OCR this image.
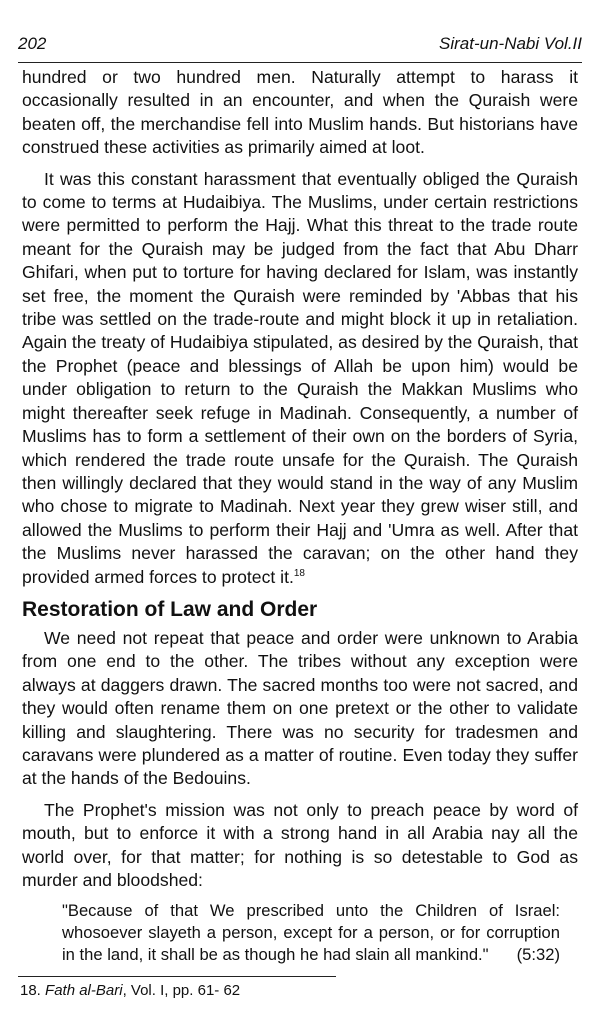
202	Sirat-un-Nabi Vol.II

hundred or two hundred men. Naturally attempt to harass it occasionally resulted in an encounter, and when the Quraish were beaten off, the merchandise fell into Muslim hands. But historians have construed these activities as primarily aimed at loot.

It was this constant harassment that eventually obliged the Quraish to come to terms at Hudaibiya. The Muslims, under certain restrictions were permitted to perform the Hajj. What this threat to the trade route meant for the Quraish may be judged from the fact that Abu Dharr Ghifari, when put to torture for having declared for Islam, was instantly set free, the moment the Quraish were reminded by 'Abbas that his tribe was settled on the trade-route and might block it up in retaliation. Again the treaty of Hudaibiya stipulated, as desired by the Quraish, that the Prophet (peace and blessings of Allah be upon him) would be under obligation to return to the Quraish the Makkan Muslims who might thereafter seek refuge in Madinah. Consequently, a number of Muslims has to form a settlement of their own on the borders of Syria, which rendered the trade route unsafe for the Quraish. The Quraish then willingly declared that they would stand in the way of any Muslim who chose to migrate to Madinah. Next year they grew wiser still, and allowed the Muslims to perform their Hajj and 'Umra as well. After that the Muslims never harassed the caravan; on the other hand they provided armed forces to protect it.$^{18}$

Restoration of Law and Order

We need not repeat that peace and order were unknown to Arabia from one end to the other. The tribes without any exception were always at daggers drawn. The sacred months too were not sacred, and they would often rename them on one pretext or the other to validate killing and slaughtering. There was no security for tradesmen and caravans were plundered as a matter of routine. Even today they suffer at the hands of the Bedouins.

The Prophet's mission was not only to preach peace by word of mouth, but to enforce it with a strong hand in all Arabia nay all the world over, for that matter; for nothing is so detestable to God as murder and bloodshed:

"Because of that We prescribed unto the Children of Israel: whosoever slayeth a person, except for a person, or for corruption in the land, it shall be as though he had slain all mankind." (5:32)
18. Fath al-Bari, Vol. I, pp. 61- 62
